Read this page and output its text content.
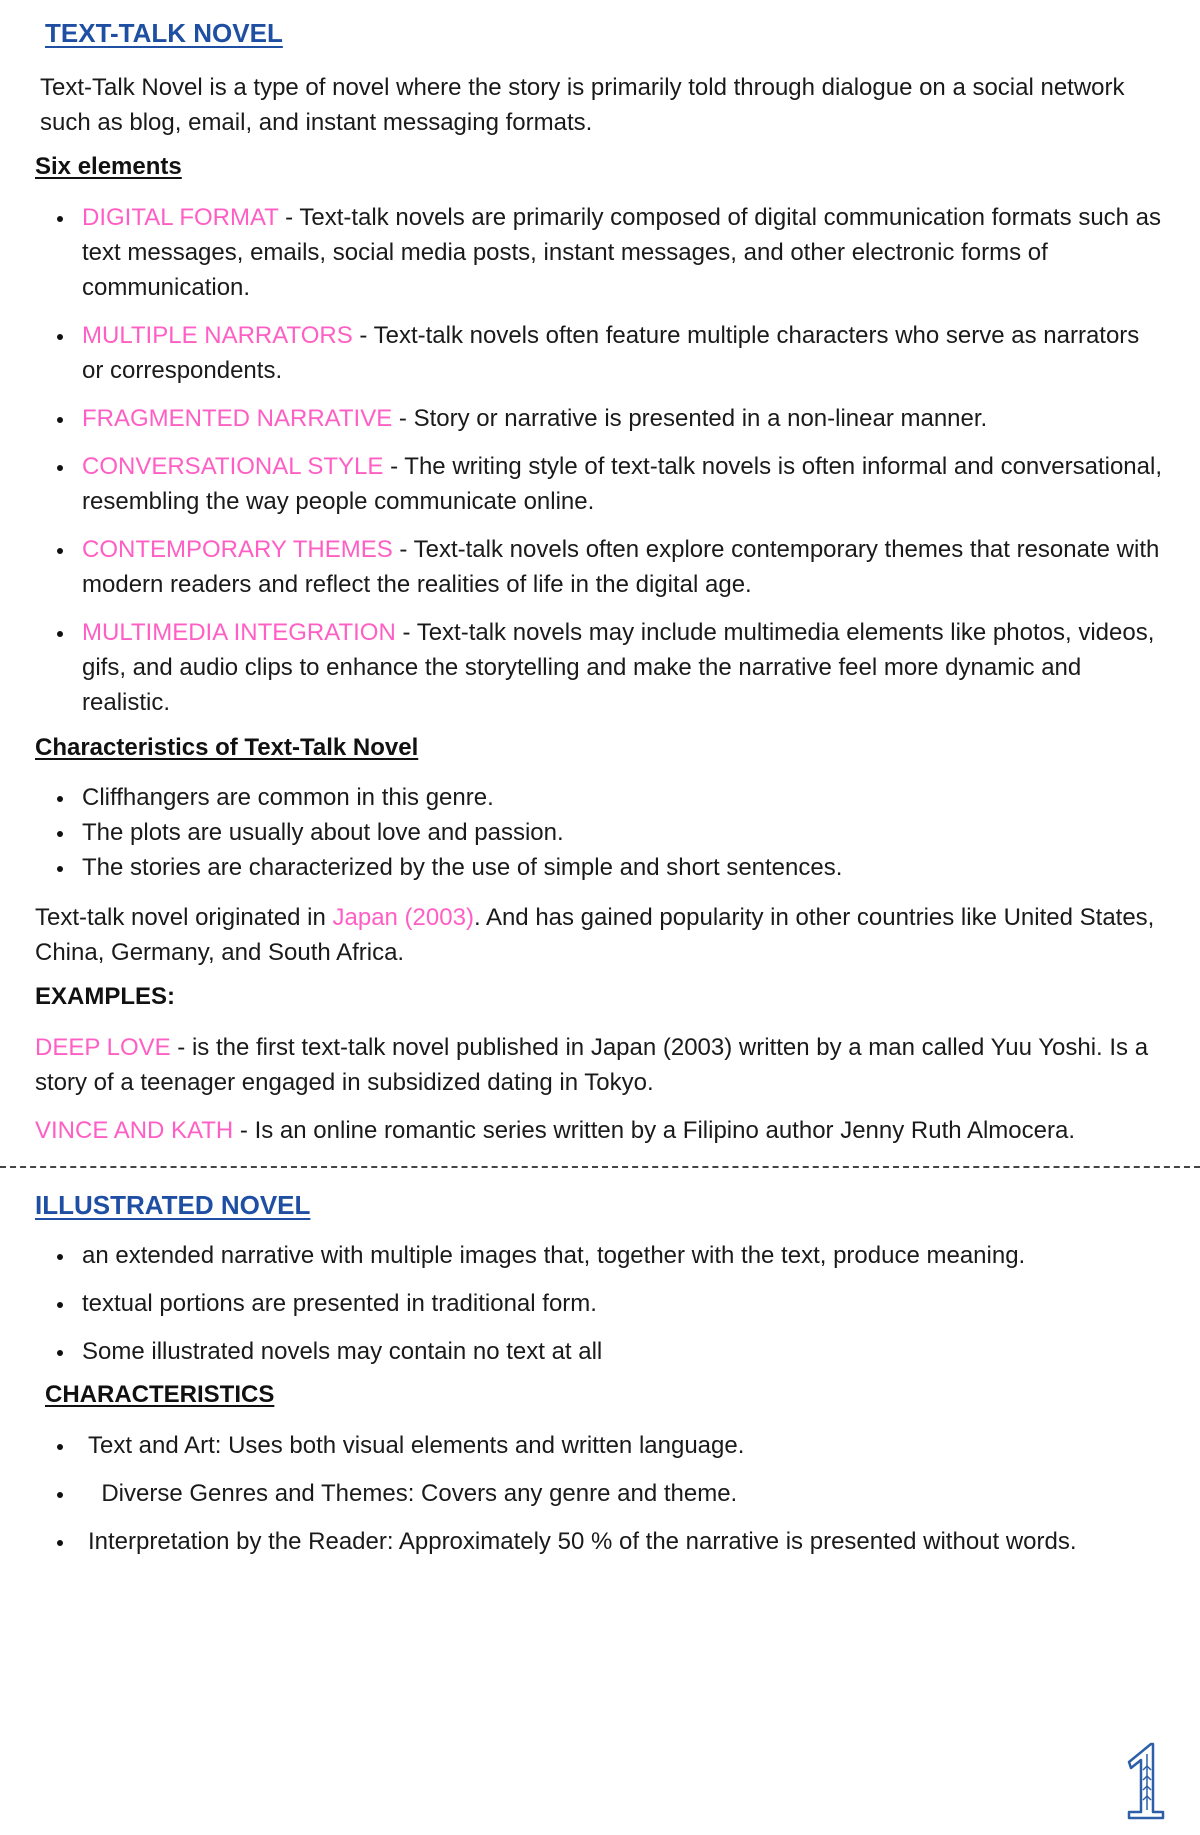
TEXT-TALK NOVEL

Text-Talk Novel is a type of novel where the story is primarily told through dialogue on a social network such as blog, email, and instant messaging formats.

Six elements
DIGITAL FORMAT - Text-talk novels are primarily composed of digital communication formats such as text messages, emails, social media posts, instant messages, and other electronic forms of communication.
MULTIPLE NARRATORS - Text-talk novels often feature multiple characters who serve as narrators or correspondents.
FRAGMENTED NARRATIVE - Story or narrative is presented in a non-linear manner.
CONVERSATIONAL STYLE - The writing style of text-talk novels is often informal and conversational, resembling the way people communicate online.
CONTEMPORARY THEMES - Text-talk novels often explore contemporary themes that resonate with modern readers and reflect the realities of life in the digital age.
MULTIMEDIA INTEGRATION - Text-talk novels may include multimedia elements like photos, videos, gifs, and audio clips to enhance the storytelling and make the narrative feel more dynamic and realistic.
Characteristics of Text-Talk Novel
Cliffhangers are common in this genre.
The plots are usually about love and passion.
The stories are characterized by the use of simple and short sentences.

Text-talk novel originated in Japan (2003). And has gained popularity in other countries like United States, China, Germany, and South Africa.

EXAMPLES:

DEEP LOVE - is the first text-talk novel published in Japan (2003) written by a man called Yuu Yoshi. Is a story of a teenager engaged in subsidized dating in Tokyo.

VINCE AND KATH - Is an online romantic series written by a Filipino author Jenny Ruth Almocera.

ILLUSTRATED NOVEL
an extended narrative with multiple images that, together with the text, produce meaning.
textual portions are presented in traditional form.
Some illustrated novels may contain no text at all
CHARACTERISTICS
Text and Art: Uses both visual elements and written language.
Diverse Genres and Themes: Covers any genre and theme.
Interpretation by the Reader: Approximately 50 % of the narrative is presented without words.
